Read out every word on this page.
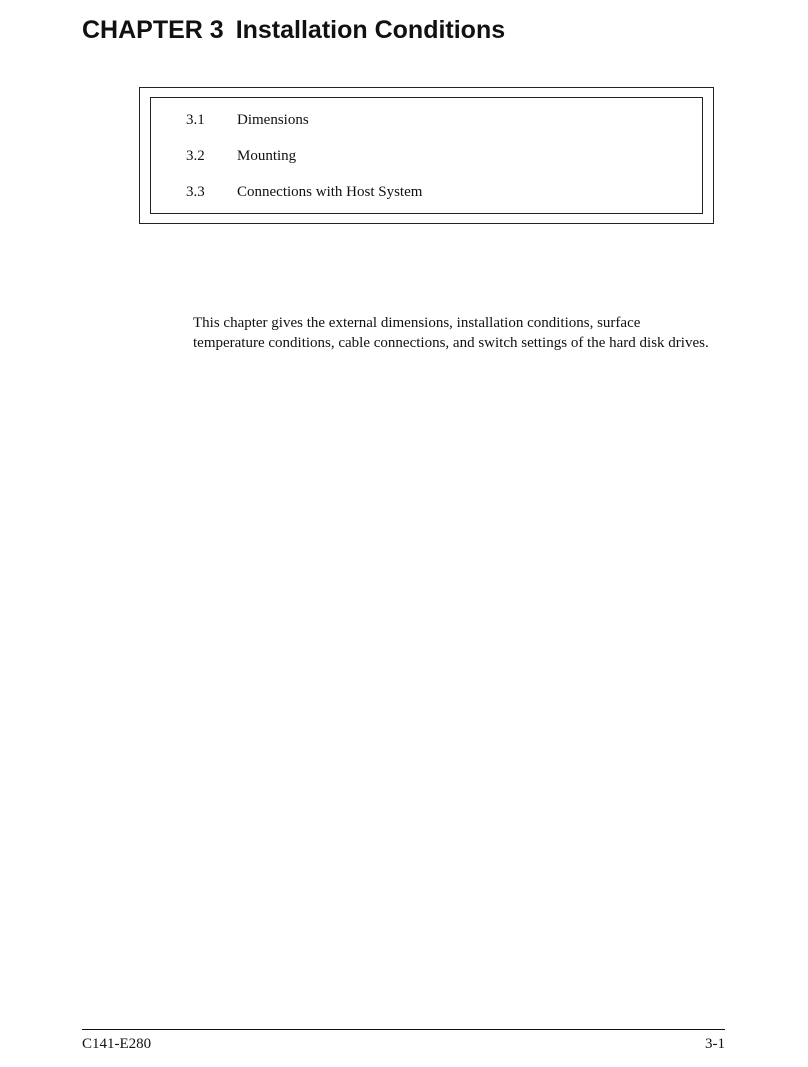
CHAPTER 3 Installation Conditions
3.1 Dimensions
3.2 Mounting
3.3 Connections with Host System

This chapter gives the external dimensions, installation conditions, surface temperature conditions, cable connections, and switch settings of the hard disk drives.

C141-E280	3-1
